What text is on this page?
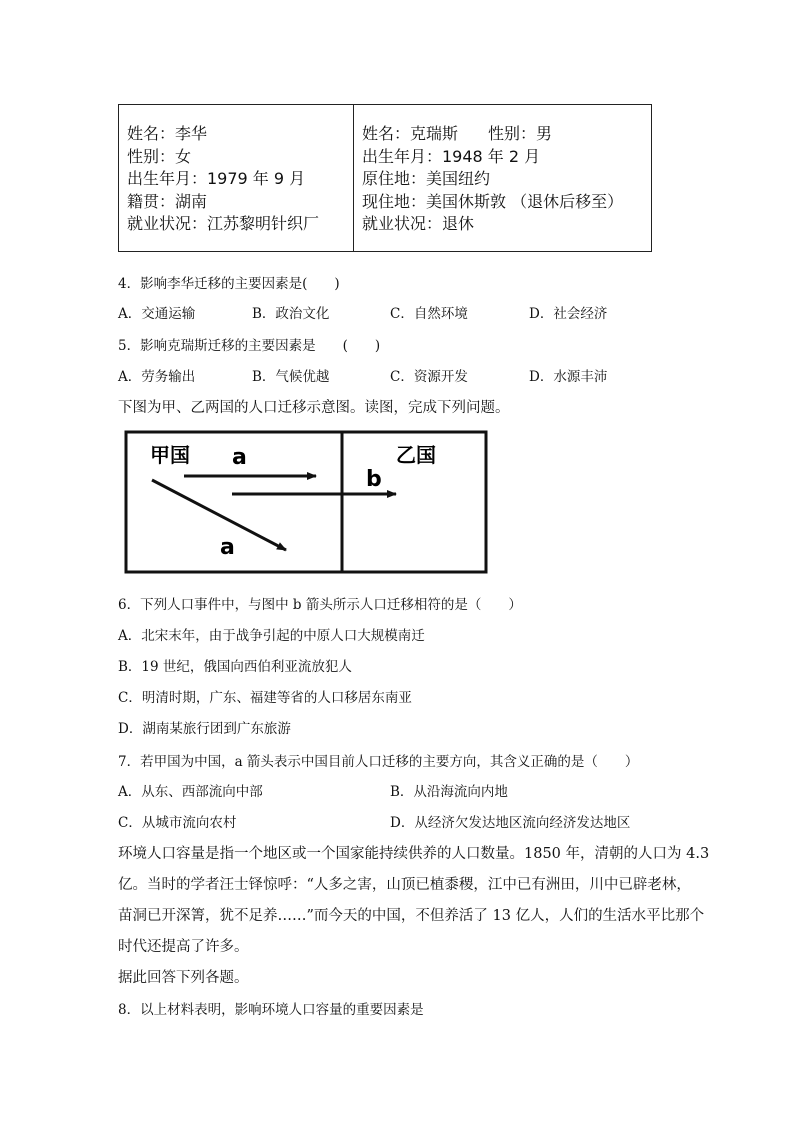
姓名：李华
性别：女
出生年月：1979 年 9 月
籍贯：湖南
就业状况：江苏黎明针织厂
姓名：克瑞斯 性别：男
出生年月：1948 年 2 月
原住地：美国纽约
现住地：美国休斯敦 （退休后移至）
就业状况：退休
4．影响李华迁移的主要因素是(　　)
A．交通运输	B．政治文化	C．自然环境	D．社会经济
5．影响克瑞斯迁移的主要因素是　　(　　)
A．劳务输出	B．气候优越	C．资源开发	D．水源丰沛
下图为甲、乙两国的人口迁移示意图。读图，完成下列问题。
甲国	乙国
a
b
a
6．下列人口事件中，与图中 b 箭头所示人口迁移相符的是（　　）
A．北宋末年，由于战争引起的中原人口大规模南迁
B．19 世纪，俄国向西伯利亚流放犯人
C．明清时期，广东、福建等省的人口移居东南亚
D．湖南某旅行团到广东旅游
7．若甲国为中国，a 箭头表示中国目前人口迁移的主要方向，其含义正确的是（　　）
A．从东、西部流向中部	B．从沿海流向内地
C．从城市流向农村	D．从经济欠发达地区流向经济发达地区
环境人口容量是指一个地区或一个国家能持续供养的人口数量。1850 年，清朝的人口为 4.3
亿。当时的学者汪士铎惊呼：“人多之害，山顶已植黍稷，江中已有洲田，川中已辟老林，
苗洞已开深箐，犹不足养……”而今天的中国，不但养活了 13 亿人，人们的生活水平比那个
时代还提高了许多。
据此回答下列各题。
8．以上材料表明，影响环境人口容量的重要因素是
